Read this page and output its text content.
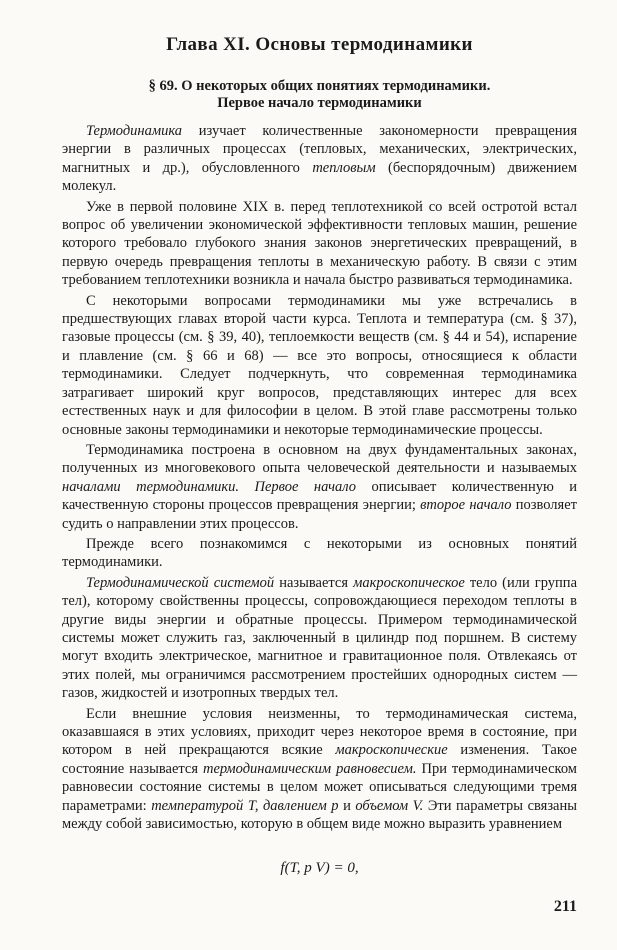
Глава XI. Основы термодинамики
§ 69. О некоторых общих понятиях термодинамики.
Первое начало термодинамики

Термодинамика изучает количественные закономерности превращения энергии в различных процессах (тепловых, механических, электрических, магнитных и др.), обусловленного тепловым (беспорядочным) движением молекул.

Уже в первой половине XIX в. перед теплотехникой со всей остротой встал вопрос об увеличении экономической эффективности тепловых машин, решение которого требовало глубокого знания законов энергетических превращений, в первую очередь превращения теплоты в механическую работу. В связи с этим требованием теплотехники возникла и начала быстро развиваться термодинамика.

С некоторыми вопросами термодинамики мы уже встречались в предшествующих главах второй части курса. Теплота и температура (см. § 37), газовые процессы (см. § 39, 40), теплоемкости веществ (см. § 44 и 54), испарение и плавление (см. § 66 и 68) — все это вопросы, относящиеся к области термодинамики. Следует подчеркнуть, что современная термодинамика затрагивает широкий круг вопросов, представляющих интерес для всех естественных наук и для философии в целом. В этой главе рассмотрены только основные законы термодинамики и некоторые термодинамические процессы.

Термодинамика построена в основном на двух фундаментальных законах, полученных из многовекового опыта человеческой деятельности и называемых началами термодинамики. Первое начало описывает количественную и качественную стороны процессов превращения энергии; второе начало позволяет судить о направлении этих процессов.

Прежде всего познакомимся с некоторыми из основных понятий термодинамики.

Термодинамической системой называется макроскопическое тело (или группа тел), которому свойственны процессы, сопровождающиеся переходом теплоты в другие виды энергии и обратные процессы. Примером термодинамической системы может служить газ, заключенный в цилиндр под поршнем. В систему могут входить электрическое, магнитное и гравитационное поля. Отвлекаясь от этих полей, мы ограничимся рассмотрением простейших однородных систем — газов, жидкостей и изотропных твердых тел.

Если внешние условия неизменны, то термодинамическая система, оказавшаяся в этих условиях, приходит через некоторое время в состояние, при котором в ней прекращаются всякие макроскопические изменения. Такое состояние называется термодинамическим равновесием. При термодинамическом равновесии состояние системы в целом может описываться следующими тремя параметрами: температурой T, давлением p и объемом V. Эти параметры связаны между собой зависимостью, которую в общем виде можно выразить уравнением

f(T, p V) = 0,
211
